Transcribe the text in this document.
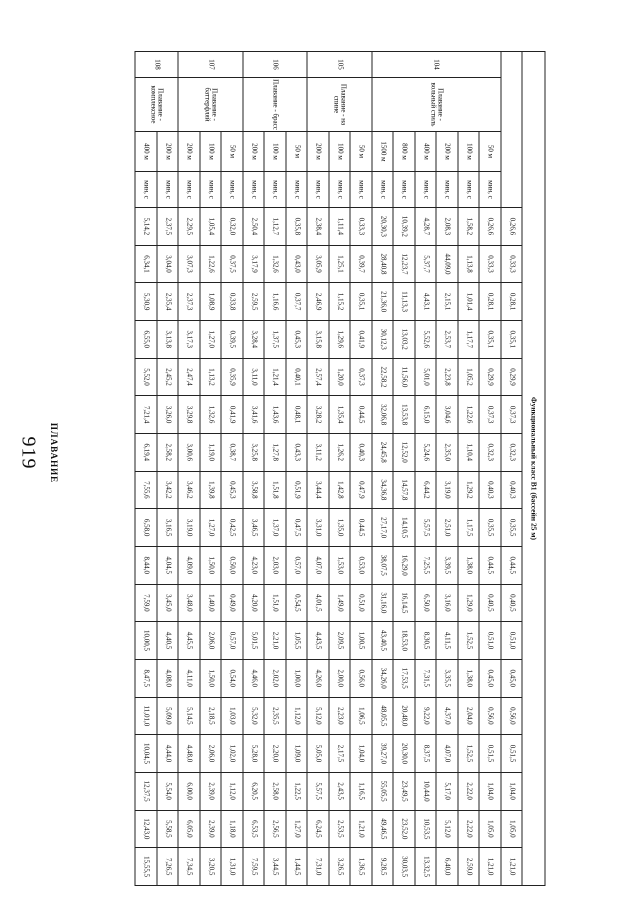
919 ПЛАВАНИЕ	Функциональный класс В1 (бассейн 25 м)																					
				0,26,6	0,33,3	0,28,1	0,35,1	0,29,9	0,37,3	0,32,3	0,40,3	0,35,5	0,44,5	0,40,5	0,51,0	0,45,0	0,56,0	0,51,5	1,04,0	1,05,0	1,21,0
104	Плавание - вольный стиль	50 м	мин, с	0,26,6	0,33,3	0,28,1	0,35,1	0,29,9	0,37,3	0,32,3	0,40,3	0,35,5	0,44,5	0,40,5	0,51,0	0,45,0	0,56,0	0,51,5	1,04,0	1,05,0	1,21,0
		100 м	мин, с	1,58,2	1,13,8	1,01,4	1,17,7	1,05,2	1,22,6	1,10,4	1,29,2	1,17,5	1,38,0	1,29,0	1,52,5	1,38,0	2,04,0	1,52,5	2,22,0	2,22,0	2,59,0
		200 м	мин, с	2,08,3	44,09,0	2,15,1	2,53,7	2,23,8	3,04,6	2,35,0	3,19,0	2,51,0	3,39,5	3,16,0	4,11,5	3,35,5	4,37,0	4,07,0	5,17,0	5,12,0	6,40,0
		400 м	мин, с	4,28,7	5,37,7	4,43,1	5,52,6	5,01,0	6,15,0	5,24,6	6,44,2	5,57,5	7,25,5	6,50,0	8,30,5	7,31,5	9,22,0	8,37,5	10,44,0	10,53,5	13,32,5
		800 м	мин, с	10,39,2	12,23,7	11,13,3	13,03,2	11,56,0	13,53,8	12,52,0	14,57,8	14,10,5	16,29,0	16,14,5	18,53,0	17,53,5	20,48,0	20,30,0	23,49,5	23,52,0	30,03,5
		1500 м	мин, с	20,30,3	28,40,8	21,36,0	30,12,3	22,58,2	32,06,8	24,45,8	34,36,8	27,17,0	38,07,5	31,16,0	43,40,5	34,26,0	48,05,5	39,27,0	55,05,5	49,46,5	9,28,5
105	Плавание - на спине	50 м	мин, с	0,33,3	0,39,7	0,35,1	0,41,9	0,37,3	0,44,5	0,40,3	0,47,9	0,44,5	0,53,0	0,51,0	1,00,5	0,56,0	1,06,5	1,04,0	1,16,5	1,21,0	1,36,5
		100 м	мин, с	1,11,4	1,25,1	1,15,2	1,29,6	1,20,0	1,35,4	1,26,2	1,42,8	1,35,0	1,53,0	1,49,0	2,09,5	2,00,0	2,23,0	2,17,5	2,43,5	2,53,5	3,26,5
		200 м	мин, с	2,38,4	3,05,9	2,46,9	3,15,8	2,57,4	3,28,2	3,11,2	3,44,4	3,31,0	4,07,0	4,01,5	4,43,5	4,26,0	5,12,0	5,05,0	5,57,5	6,24,5	7,31,0
106	Плавание - брасс	50 м	мин, с	0,35,8	0,43,0	0,37,7	0,45,3	0,40,1	0,48,1	0,43,3	0,51,9	0,47,5	0,57,0	0,54,5	1,05,5	1,00,0	1,12,0	1,09,0	1,22,5	1,27,0	1,44,5
		100 м	мин, с	1,12,7	1,32,6	1,16,6	1,37,5	1,21,4	1,43,6	1,27,8	1,51,8	1,37,0	2,03,0	1,51,0	2,21,0	2,02,0	2,35,5	2,20,0	2,58,0	2,56,5	3,44,5
		200 м	мин, с	2,50,4	3,17,9	2,59,5	3,28,4	3,11,0	3,41,6	3,25,8	3,58,8	3,46,5	4,23,0	4,20,0	5,01,5	4,46,0	5,32,0	5,28,0	6,20,5	6,53,5	7,59,5
107	Плавание - баттерфляй	50 м	мин, с	0,32,0	0,37,5	0,33,8	0,39,5	0,35,9	0,41,9	0,38,7	0,45,3	0,42,5	0,50,0	0,49,0	0,57,0	0,54,0	1,03,0	1,02,0	1,12,0	1,18,0	1,31,0
		100 м	мин, с	1,05,4	1,22,6	1,08,9	1,27,0	1,13,2	1,32,6	1,19,0	1,39,8	1,27,0	1,50,0	1,40,0	2,06,0	1,50,0	2,18,5	2,06,0	2,39,0	2,39,0	3,20,5
		200 м	мин, с	2,29,5	3,07,3	2,37,3	3,17,3	2,47,4	3,29,8	3,00,6	3,46,2	3,19,0	4,09,0	3,48,0	4,45,5	4,11,0	5,14,5	4,48,0	6,00,0	6,05,0	7,34,5
108	Плавание - комплексное	200 м	мин, с	2,37,5	3,04,0	2,35,4	3,13,8	2,45,2	3,26,0	2,58,2	3,42,2	3,16,5	4,04,5	3,45,0	4,40,5	4,08,0	5,09,0	4,44,0	5,54,0	5,58,5	7,26,5
		400 м	мин, с	5,14,2	6,34,1	5,30,9	6,55,0	5,52,0	7,21,4	6,19,4	7,55,6	6,58,0	8,44,0	7,59,0	10,00,5	8,47,5	11,01,0	10,04,5	12,37,5	12,43,0	15,55,5
